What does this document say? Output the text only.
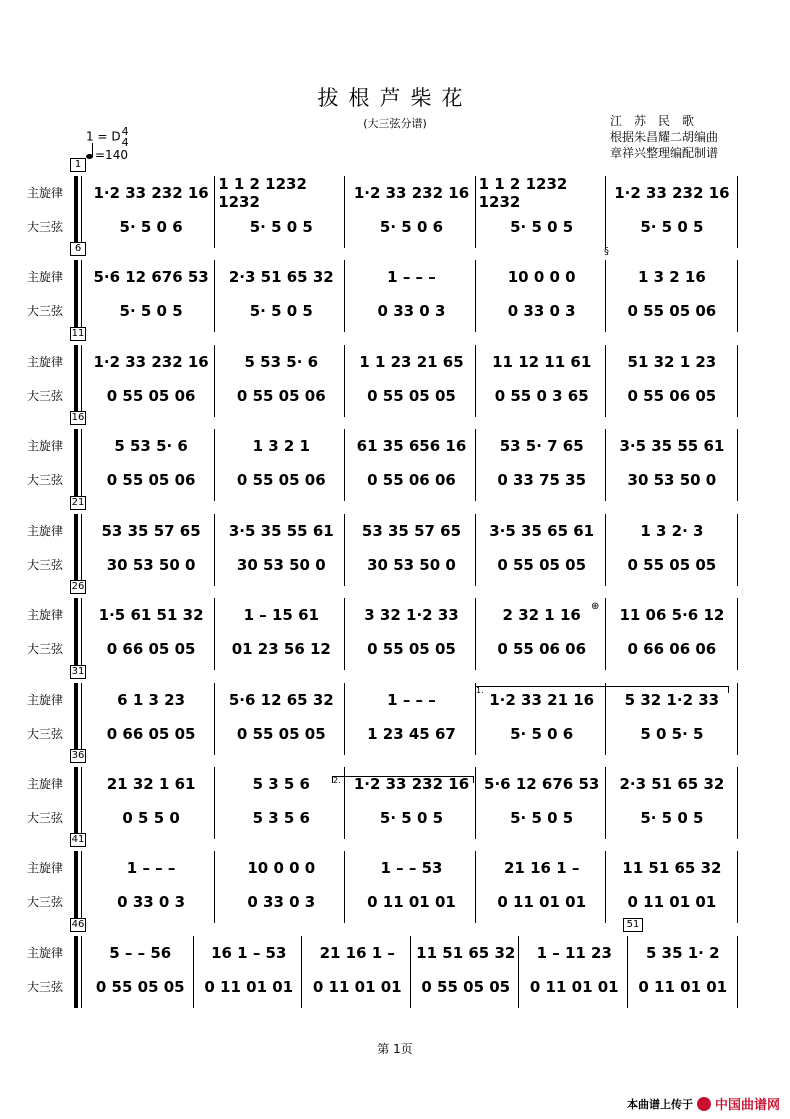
拔根芦柴花
(大三弦分谱)	江　苏　民　歌
根据朱昌耀二胡编曲
章祥兴整理编配制谱
1 = D4
4
=140
1
主旋律
大三弦
1·2 33 232 16
5· 5 0 6
1 1 2 1232 1232
5· 5 0 5
1·2 33 232 16
5· 5 0 6
1 1 2 1232 1232
5· 5 0 5
1·2 33 232 16
5· 5 0 5
6
主旋律
大三弦
5·6 12 676 53
5· 5 0 5
2·3 51 65 32
5· 5 0 5
1 – – –
0 33 0 3
10 0 0 0
0 33 0 3
1 3 2 16
0 55 05 06
11
主旋律
大三弦
1·2 33 232 16
0 55 05 06
5 53 5· 6
0 55 05 06
1 1 23 21 65
0 55 05 05
11 12 11 61
0 55 0 3 65
51 32 1 23
0 55 06 05
16
主旋律
大三弦
5 53 5· 6
0 55 05 06
1 3 2 1
0 55 05 06
61 35 656 16
0 55 06 06
53 5· 7 65
0 33 75 35
3·5 35 55 61
30 53 50 0
21
主旋律
大三弦
53 35 57 65
30 53 50 0
3·5 35 55 61
30 53 50 0
53 35 57 65
30 53 50 0
3·5 35 65 61
0 55 05 05
1 3 2· 3
0 55 05 05
26
主旋律
大三弦
1·5 61 51 32
0 66 05 05
1 – 15 61
01 23 56 12
3 32 1·2 33
0 55 05 05
2 32 1 16
0 55 06 06
11 06 5·6 12
0 66 06 06
31
主旋律
大三弦
6 1 3 23
0 66 05 05
5·6 12 65 32
0 55 05 05
1 – – –
1 23 45 67
1·2 33 21 16
5· 5 0 6
5 32 1·2 33
5 0 5· 5
36
主旋律
大三弦
21 32 1 61
0 5 5 0
5 3 5 6
5 3 5 6
1·2 33 232 16
5· 5 0 5
5·6 12 676 53
5· 5 0 5
2·3 51 65 32
5· 5 0 5
41
主旋律
大三弦
1 – – –
0 33 0 3
10 0 0 0
0 33 0 3
1 – – 53
0 11 01 01
21 16 1 –
0 11 01 01
11 51 65 32
0 11 01 01
46	51
主旋律
大三弦
5 – – 56
0 55 05 05
16 1 – 53
0 11 01 01
21 16 1 –
0 11 01 01
11 51 65 32
0 55 05 05
1 – 11 23
0 11 01 01
5 35 1· 2
0 11 01 01
第 1页
本曲谱上传于 中国曲谱网
1.
2.
§
⊕
